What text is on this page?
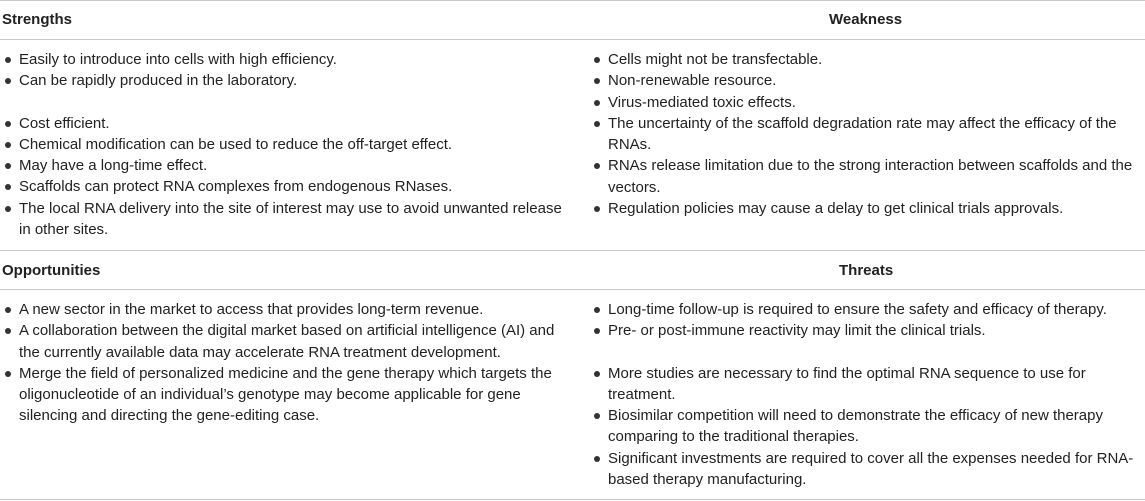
Strengths	Weakness
Easily to introduce into cells with high efficiency.
Can be rapidly produced in the laboratory.
Cost efficient.
Chemical modification can be used to reduce the off-target effect.
May have a long-time effect.
Scaffolds can protect RNA complexes from endogenous RNases.
The local RNA delivery into the site of interest may use to avoid unwanted release in other sites.
Cells might not be transfectable.
Non-renewable resource.
Virus-mediated toxic effects.
The uncertainty of the scaffold degradation rate may affect the efficacy of the RNAs.
RNAs release limitation due to the strong interaction between scaffolds and the vectors.
Regulation policies may cause a delay to get clinical trials approvals.
Opportunities	Threats
A new sector in the market to access that provides long-term revenue.
A collaboration between the digital market based on artificial intelligence (AI) and the currently available data may accelerate RNA treatment development.
Merge the field of personalized medicine and the gene therapy which targets the oligonucleotide of an individual’s genotype may become applicable for gene silencing and directing the gene-editing case.
Long-time follow-up is required to ensure the safety and efficacy of therapy.
Pre- or post-immune reactivity may limit the clinical trials.
More studies are necessary to find the optimal RNA sequence to use for treatment.
Biosimilar competition will need to demonstrate the efficacy of new therapy comparing to the traditional therapies.
Significant investments are required to cover all the expenses needed for RNA-based therapy manufacturing.
